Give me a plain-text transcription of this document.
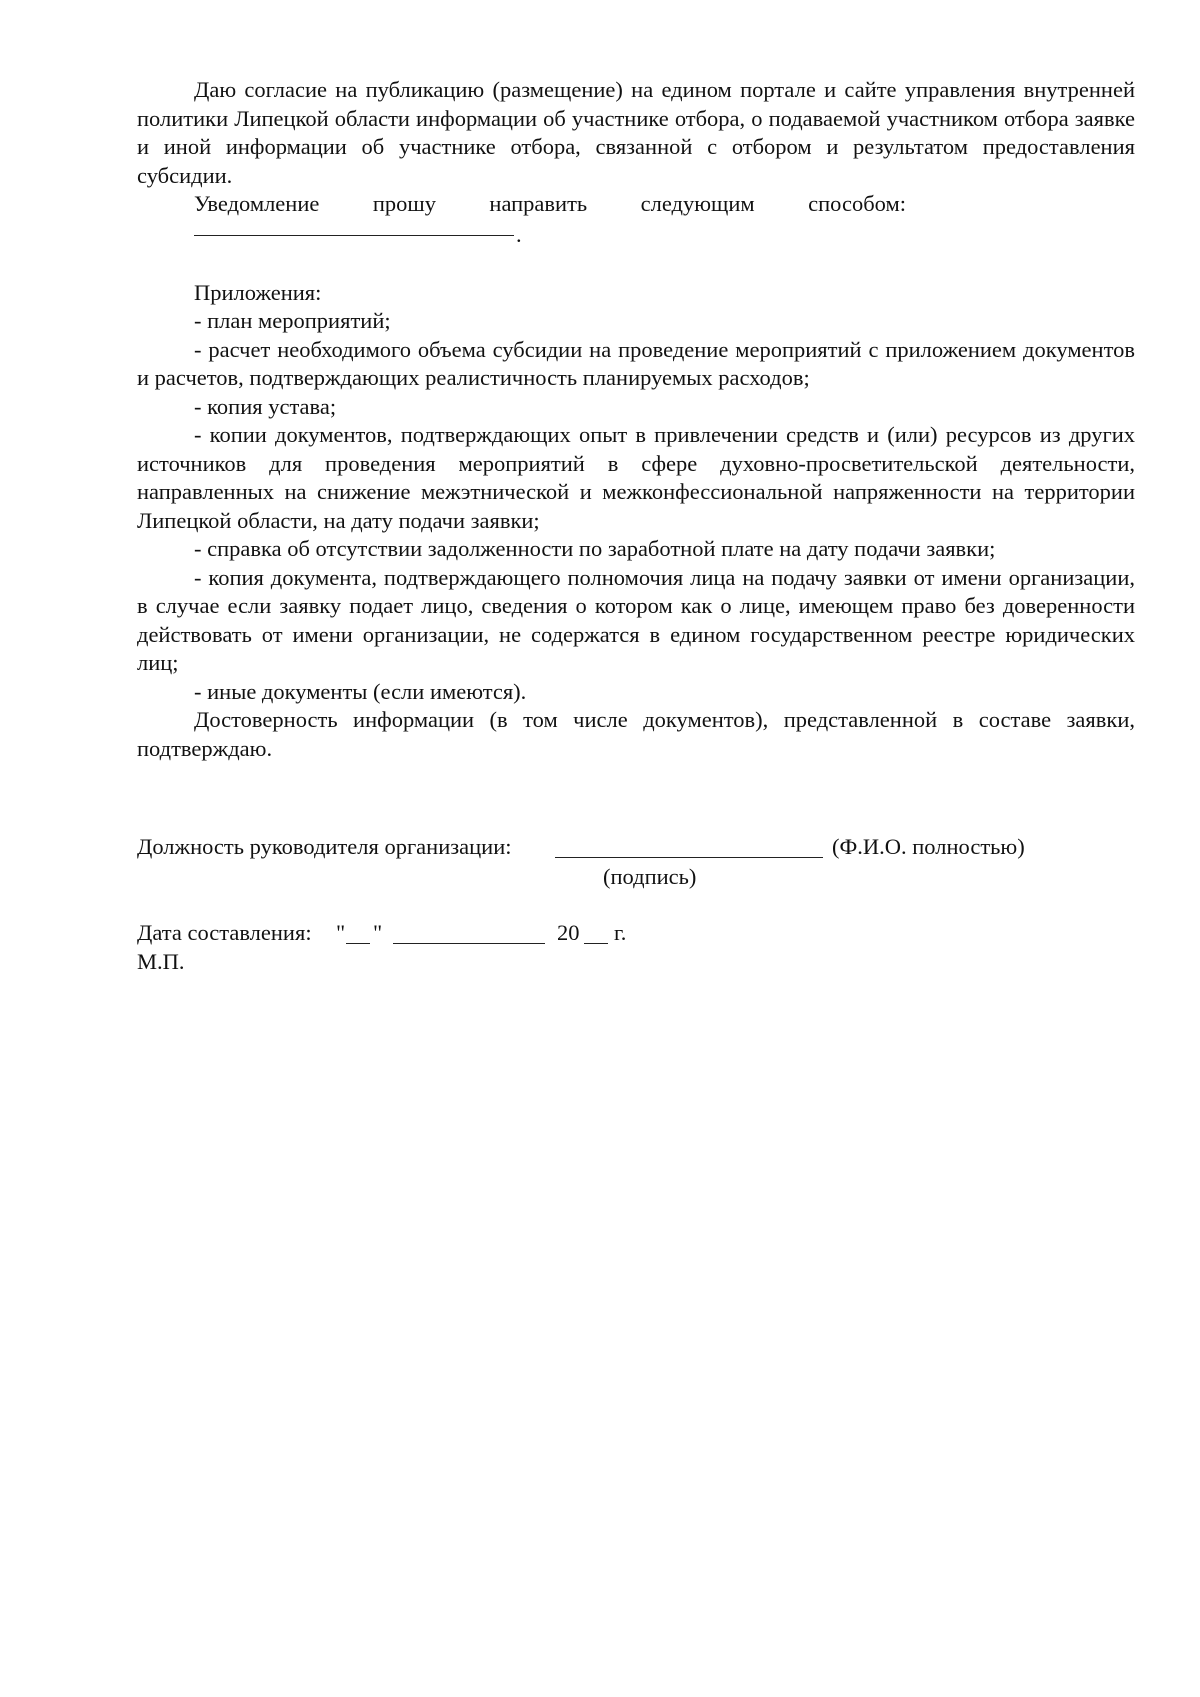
Даю согласие на публикацию (размещение) на едином портале и сайте управления внутренней политики Липецкой области информации об участнике отбора, о подаваемой участником отбора заявке и иной информации об участнике отбора, связанной с отбором и результатом предоставления субсидии.

Уведомление прошу направить следующим способом:
.

Приложения:

- план мероприятий;

- расчет необходимого объема субсидии на проведение мероприятий с приложением документов и расчетов, подтверждающих реалистичность планируемых расходов;

- копия устава;

- копии документов, подтверждающих опыт в привлечении средств и (или) ресурсов из других источников для проведения мероприятий в сфере духовно-просветительской деятельности, направленных на снижение межэтнической и межконфессиональной напряженности на территории Липецкой области, на дату подачи заявки;

- справка об отсутствии задолженности по заработной плате на дату подачи заявки;

- копия документа, подтверждающего полномочия лица на подачу заявки от имени организации, в случае если заявку подает лицо, сведения о котором как о лице, имеющем право без доверенности действовать от имени организации, не содержатся в едином государственном реестре юридических лиц;

- иные документы (если имеются).

Достоверность информации (в том числе документов), представленной в составе заявки, подтверждаю.

Должность руководителя организации:	(Ф.И.О. полностью)
(подпись)
Дата составления: " "	20 г.
М.П.
